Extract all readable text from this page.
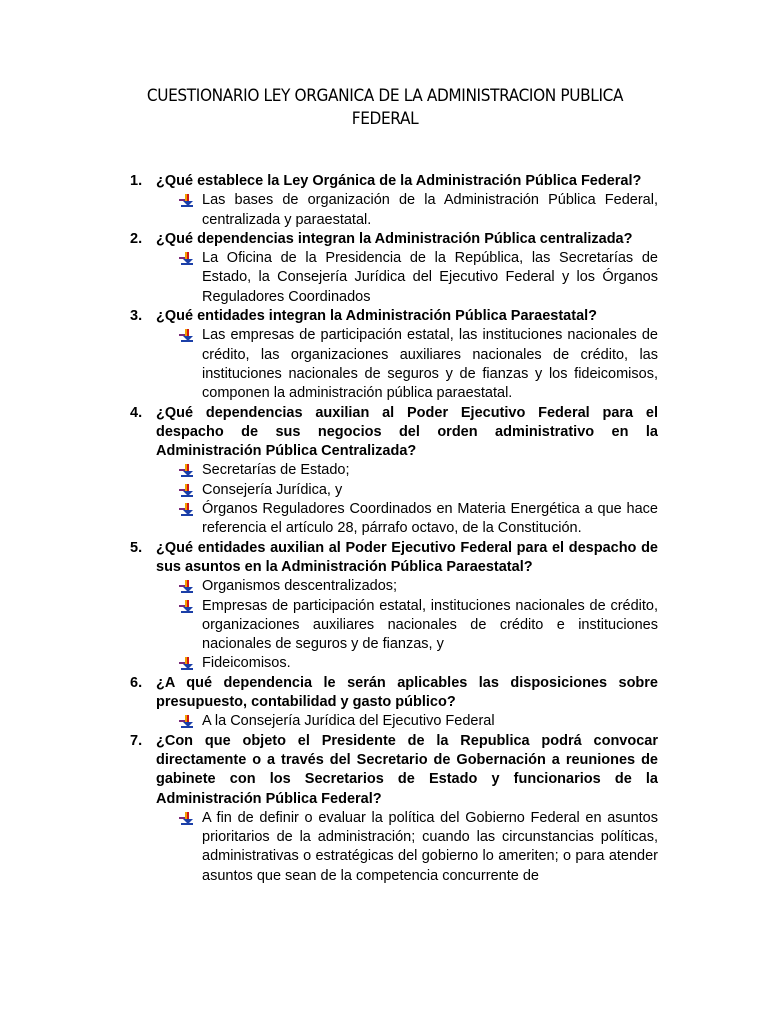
CUESTIONARIO LEY ORGANICA DE LA ADMINISTRACION PUBLICA FEDERAL
1. ¿Qué establece la Ley Orgánica de la Administración Pública Federal?

Las bases de organización de la Administración Pública Federal, centralizada y paraestatal.
2. ¿Qué dependencias integran la Administración Pública centralizada?

La Oficina de la Presidencia de la República, las Secretarías de Estado, la Consejería Jurídica del Ejecutivo Federal y los Órganos Reguladores Coordinados
3. ¿Qué entidades integran la Administración Pública Paraestatal?

Las empresas de participación estatal, las instituciones nacionales de crédito, las organizaciones auxiliares nacionales de crédito, las instituciones nacionales de seguros y de fianzas y los fideicomisos, componen la administración pública paraestatal.
4. ¿Qué dependencias auxilian al Poder Ejecutivo Federal para el despacho de sus negocios del orden administrativo en la Administración Pública Centralizada?

Secretarías de Estado;
Consejería Jurídica, y
Órganos Reguladores Coordinados en Materia Energética a que hace referencia el artículo 28, párrafo octavo, de la Constitución.
5. ¿Qué entidades auxilian al Poder Ejecutivo Federal para el despacho de sus asuntos en la Administración Pública Paraestatal?

Organismos descentralizados;
Empresas de participación estatal, instituciones nacionales de crédito, organizaciones auxiliares nacionales de crédito e instituciones nacionales de seguros y de fianzas, y
Fideicomisos.
6. ¿A qué dependencia le serán aplicables las disposiciones sobre presupuesto, contabilidad y gasto público?

A la Consejería Jurídica del Ejecutivo Federal
7. ¿Con que objeto el Presidente de la Republica podrá convocar directamente o a través del Secretario de Gobernación a reuniones de gabinete con los Secretarios de Estado y funcionarios de la Administración Pública Federal?

A fin de definir o evaluar la política del Gobierno Federal en asuntos prioritarios de la administración; cuando las circunstancias políticas, administrativas o estratégicas del gobierno lo ameriten; o para atender asuntos que sean de la competencia concurrente de
